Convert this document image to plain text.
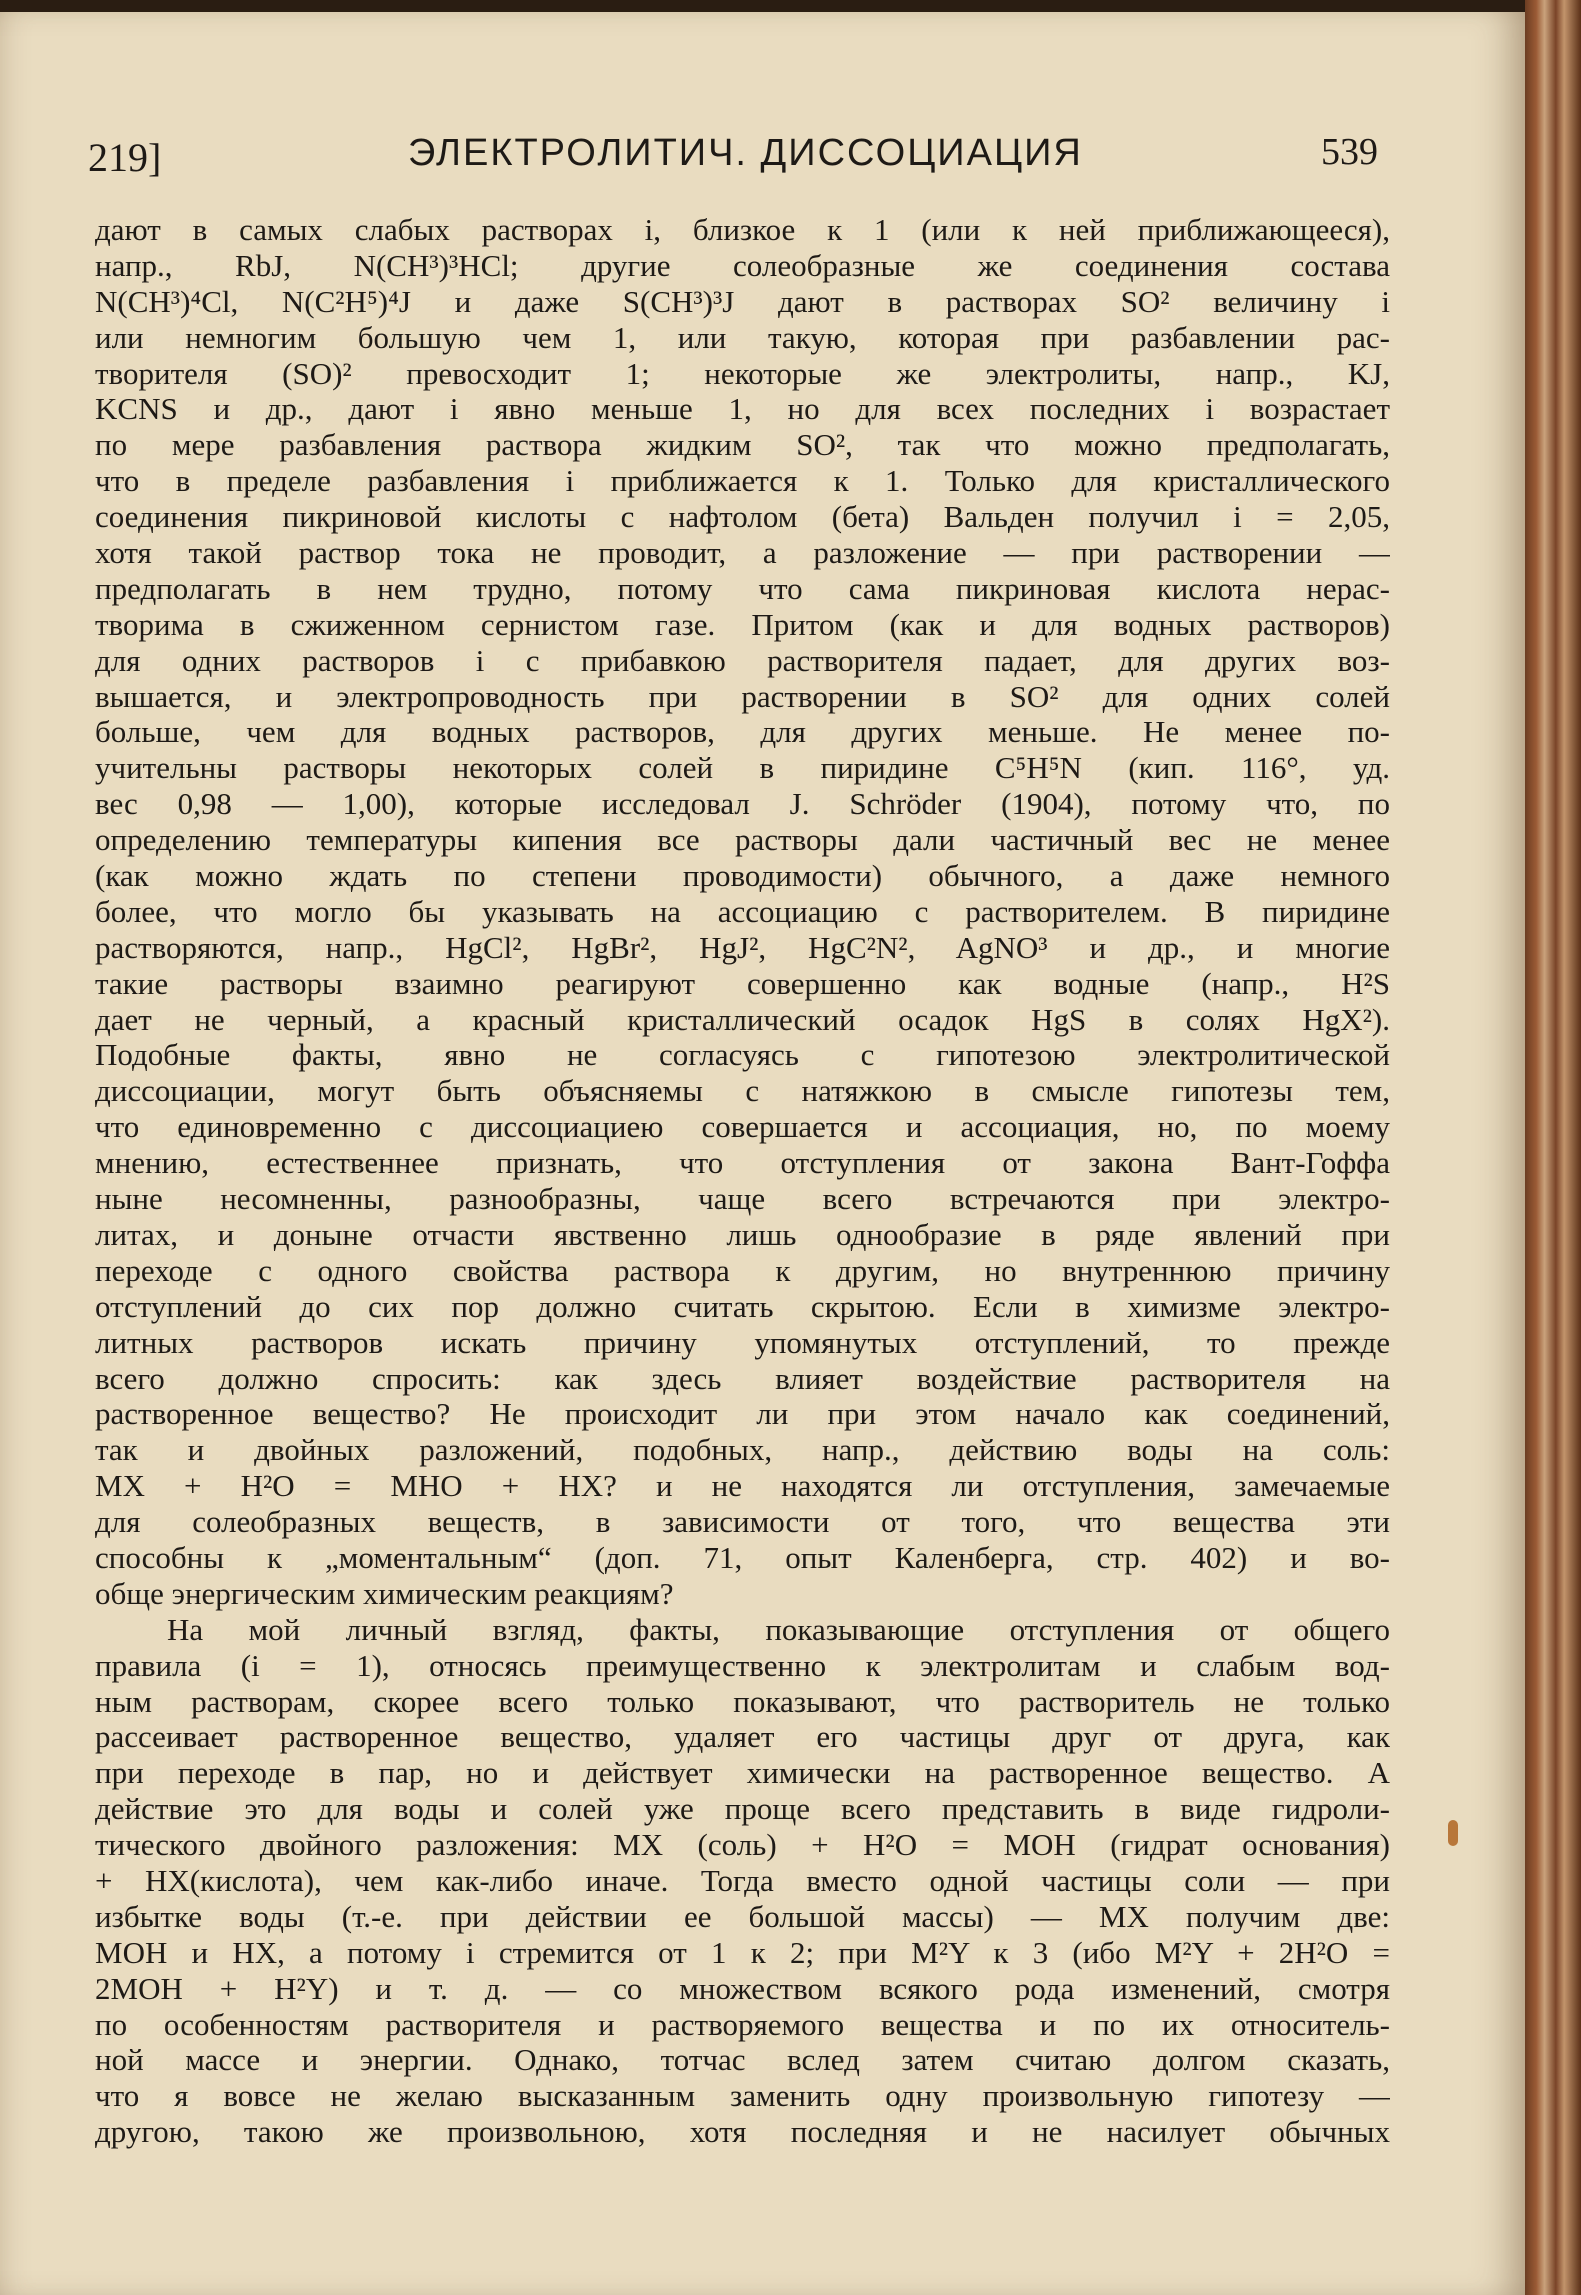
219]	ЭЛЕКТРОЛИТИЧ. ДИССОЦИАЦИЯ	539
дают в самых слабых растворах i, близкое к 1 (или к ней приближающееся),
напр., RbJ, N(CH³)³HCl; другие солеобразные же соединения состава
N(CH³)⁴Cl, N(C²H⁵)⁴J и даже S(CH³)³J дают в растворах SO² величину i
или немногим большую чем 1, или такую, которая при разбавлении рас-
творителя (SO)² превосходит 1; некоторые же электролиты, напр., KJ,
KCNS и др., дают i явно меньше 1, но для всех последних i возрастает
по мере разбавления раствора жидким SO², так что можно предполагать,
что в пределе разбавления i приближается к 1. Только для кристаллического
соединения пикриновой кислоты с нафтолом (бета) Вальден получил i = 2,05,
хотя такой раствор тока не проводит, а разложение — при растворении —
предполагать в нем трудно, потому что сама пикриновая кислота нерас-
творима в сжиженном сернистом газе. Притом (как и для водных растворов)
для одних растворов i с прибавкою растворителя падает, для других воз-
вышается, и электропроводность при растворении в SO² для одних солей
больше, чем для водных растворов, для других меньше. Не менее по-
учительны растворы некоторых солей в пиридине C⁵H⁵N (кип. 116°, уд.
вес 0,98 — 1,00), которые исследовал J. Schröder (1904), потому что, по
определению температуры кипения все растворы дали частичный вес не менее
(как можно ждать по степени проводимости) обычного, а даже немного
более, что могло бы указывать на ассоциацию с растворителем. В пиридине
растворяются, напр., HgCl², HgBr², HgJ², HgC²N², AgNO³ и др., и многие
такие растворы взаимно реагируют совершенно как водные (напр., H²S
дает не черный, а красный кристаллический осадок HgS в солях HgX²).
Подобные факты, явно не согласуясь с гипотезою электролитической
диссоциации, могут быть объясняемы с натяжкою в смысле гипотезы тем,
что единовременно с диссоциациею совершается и ассоциация, но, по моему
мнению, естественнее признать, что отступления от закона Вант-Гоффа
ныне несомненны, разнообразны, чаще всего встречаются при электро-
литах, и доныне отчасти явственно лишь однообразие в ряде явлений при
переходе с одного свойства раствора к другим, но внутреннюю причину
отступлений до сих пор должно считать скрытою. Если в химизме электро-
литных растворов искать причину упомянутых отступлений, то прежде
всего должно спросить: как здесь влияет воздействие растворителя на
растворенное вещество? Не происходит ли при этом начало как соединений,
так и двойных разложений, подобных, напр., действию воды на соль:
MX + H²O = MHO + HX? и не находятся ли отступления, замечаемые
для солеобразных веществ, в зависимости от того, что вещества эти
способны к „моментальным“ (доп. 71, опыт Каленберга, стр. 402) и во-
обще энергическим химическим реакциям?
На мой личный взгляд, факты, показывающие отступления от общего
правила (i = 1), относясь преимущественно к электролитам и слабым вод-
ным растворам, скорее всего только показывают, что растворитель не только
рассеивает растворенное вещество, удаляет его частицы друг от друга, как
при переходе в пар, но и действует химически на растворенное вещество. А
действие это для воды и солей уже проще всего представить в виде гидроли-
тического двойного разложения: MX (соль) + H²O = MOH (гидрат основания)
+ HX(кислота), чем как-либо иначе. Тогда вместо одной частицы соли — при
избытке воды (т.-е. при действии ее большой массы) — MX получим две:
MOH и HX, а потому i стремится от 1 к 2; при M²Y к 3 (ибо M²Y + 2H²O =
2MOH + H²Y) и т. д. — со множеством всякого рода изменений, смотря
по особенностям растворителя и растворяемого вещества и по их относитель-
ной массе и энергии. Однако, тотчас вслед затем считаю долгом сказать,
что я вовсе не желаю высказанным заменить одну произвольную гипотезу —
другою, такою же произвольною, хотя последняя и не насилует обычных
